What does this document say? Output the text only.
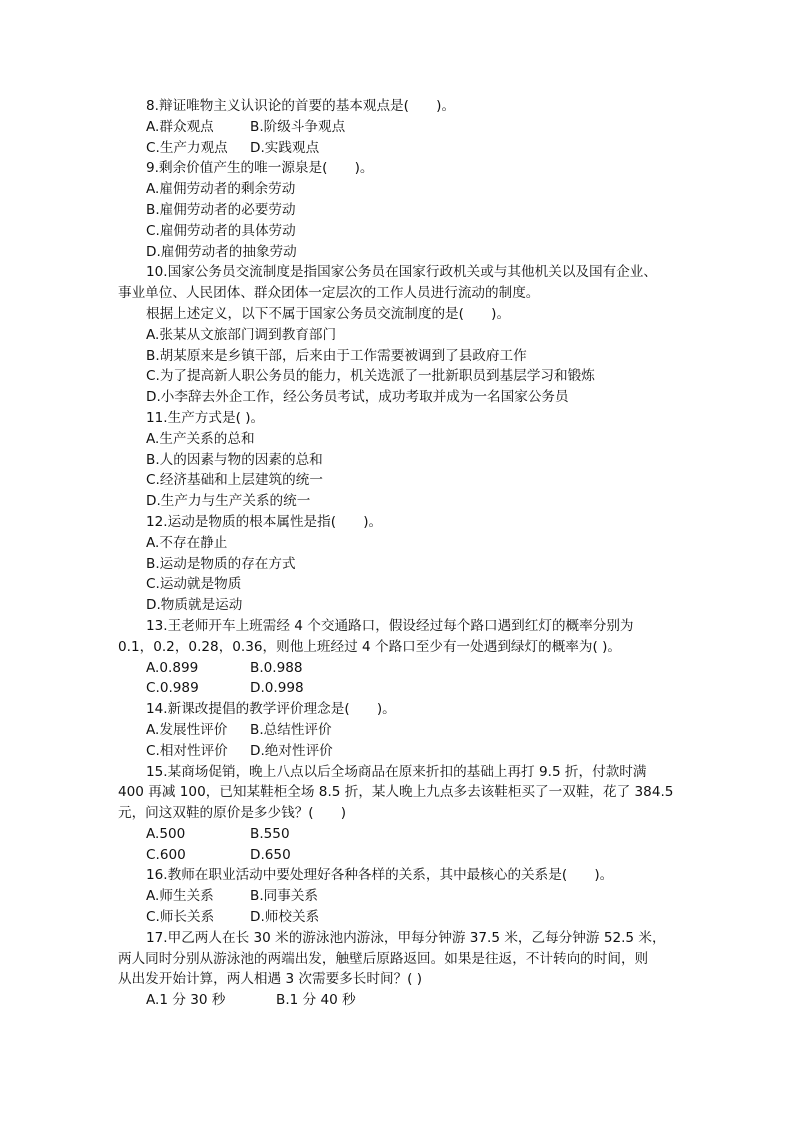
8.辩证唯物主义认识论的首要的基本观点是(　　)。
A.群众观点	B.阶级斗争观点
C.生产力观点 D.实践观点
9.剩余价值产生的唯一源泉是(　　)。
A.雇佣劳动者的剩余劳动
B.雇佣劳动者的必要劳动
C.雇佣劳动者的具体劳动
D.雇佣劳动者的抽象劳动
10.国家公务员交流制度是指国家公务员在国家行政机关或与其他机关以及国有企业、
事业单位、人民团体、群众团体一定层次的工作人员进行流动的制度。
根据上述定义，以下不属于国家公务员交流制度的是(　　)。
A.张某从文旅部门调到教育部门
B.胡某原来是乡镇干部，后来由于工作需要被调到了县政府工作
C.为了提高新人职公务员的能力，机关选派了一批新职员到基层学习和锻炼
D.小李辞去外企工作，经公务员考试，成功考取并成为一名国家公务员
11.生产方式是( )。
A.生产关系的总和
B.人的因素与物的因素的总和
C.经济基础和上层建筑的统一
D.生产力与生产关系的统一
12.运动是物质的根本属性是指(　　)。
A.不存在静止
B.运动是物质的存在方式
C.运动就是物质
D.物质就是运动
13.王老师开车上班需经 4 个交通路口，假设经过每个路口遇到红灯的概率分别为
0.1，0.2，0.28，0.36，则他上班经过 4 个路口至少有一处遇到绿灯的概率为( )。
A.0.899	B.0.988
C.0.989	D.0.998
14.新课改提倡的教学评价理念是(　　)。
A.发展性评价 B.总结性评价
C.相对性评价 D.绝对性评价
15.某商场促销，晚上八点以后全场商品在原来折扣的基础上再打 9.5 折，付款时满
400 再减 100，已知某鞋柜全场 8.5 折，某人晚上九点多去该鞋柜买了一双鞋，花了 384.5
元，问这双鞋的原价是多少钱？(　　)
A.500	B.550
C.600	D.650
16.教师在职业活动中要处理好各种各样的关系，其中最核心的关系是(　　)。
A.师生关系	B.同事关系
C.师长关系	D.师校关系
17.甲乙两人在长 30 米的游泳池内游泳，甲每分钟游 37.5 米，乙每分钟游 52.5 米，
两人同时分别从游泳池的两端出发，触壁后原路返回。如果是往返，不计转向的时间，则
从出发开始计算，两人相遇 3 次需要多长时间？( )
A.1 分 30 秒	B.1 分 40 秒
